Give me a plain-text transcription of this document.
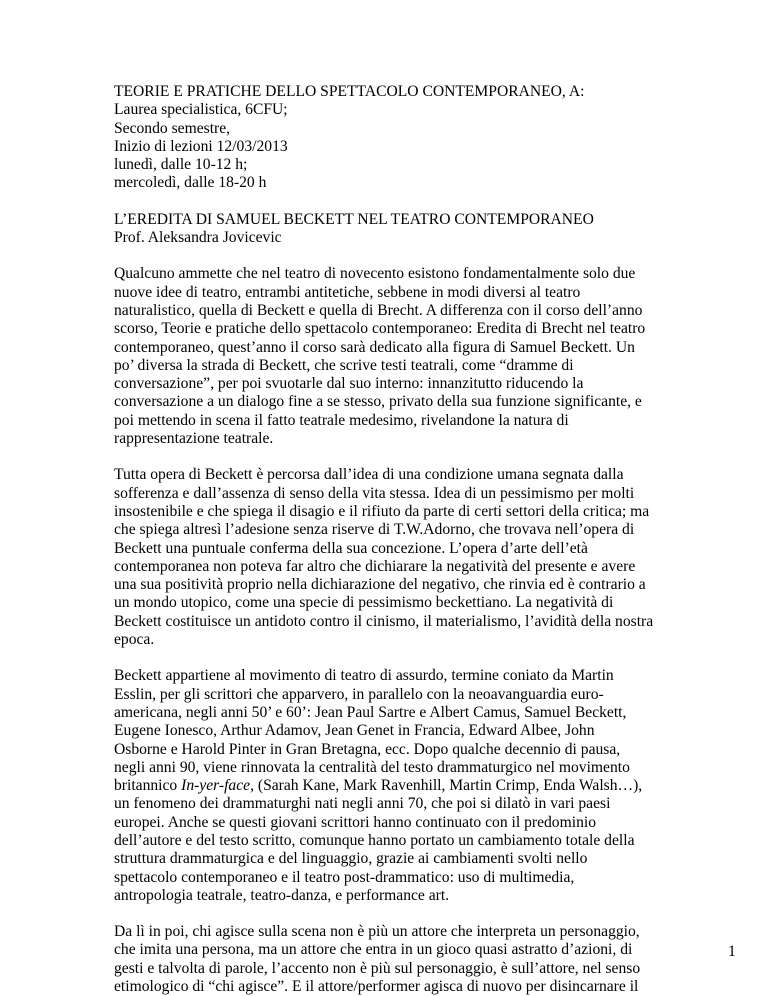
TEORIE E PRATICHE DELLO SPETTACOLO CONTEMPORANEO, A:
Laurea specialistica, 6CFU;
Secondo semestre,
Inizio di lezioni 12/03/2013
lunedì, dalle 10-12 h;
mercoledì, dalle 18-20 h
L’EREDITA DI SAMUEL BECKETT NEL TEATRO CONTEMPORANEO
Prof. Aleksandra Jovicevic

Qualcuno ammette che nel teatro di novecento esistono fondamentalmente solo due
nuove idee di teatro, entrambi antitetiche, sebbene in modi diversi al teatro
naturalistico, quella di Beckett e quella di Brecht. A differenza con il corso dell’anno
scorso, Teorie e pratiche dello spettacolo contemporaneo: Eredita di Brecht nel teatro
contemporaneo, quest’anno il corso sarà dedicato alla figura di Samuel Beckett. Un
po’ diversa la strada di Beckett, che scrive testi teatrali, come “dramme di
conversazione”, per poi svuotarle dal suo interno: innanzitutto riducendo la
conversazione a un dialogo fine a se stesso, privato della sua funzione significante, e
poi mettendo in scena il fatto teatrale medesimo, rivelandone la natura di
rappresentazione teatrale.

Tutta opera di Beckett è percorsa dall’idea di una condizione umana segnata dalla
sofferenza e dall’assenza di senso della vita stessa. Idea di un pessimismo per molti
insostenibile e che spiega il disagio e il rifiuto da parte di certi settori della critica; ma
che spiega altresì l’adesione senza riserve di T.W.Adorno, che trovava nell’opera di
Beckett una puntuale conferma della sua concezione. L’opera d’arte dell’età
contemporanea non poteva far altro che dichiarare la negatività del presente e avere
una sua positività proprio nella dichiarazione del negativo, che rinvia ed è contrario a
un mondo utopico, come una specie di pessimismo beckettiano. La negatività di
Beckett costituisce un antidoto contro il cinismo, il materialismo, l’avidità della nostra
epoca.

Beckett appartiene al movimento di teatro di assurdo, termine coniato da Martin
Esslin, per gli scrittori che apparvero, in parallelo con la neoavanguardia euro-
americana, negli anni 50’ e 60’: Jean Paul Sartre e Albert Camus, Samuel Beckett,
Eugene Ionesco, Arthur Adamov, Jean Genet in Francia, Edward Albee, John
Osborne e Harold Pinter in Gran Bretagna, ecc. Dopo qualche decennio di pausa,
negli anni 90, viene rinnovata la centralità del testo drammaturgico nel movimento
britannico In-yer-face, (Sarah Kane, Mark Ravenhill, Martin Crimp, Enda Walsh…),
un fenomeno dei drammaturghi nati negli anni 70, che poi si dilatò in vari paesi
europei. Anche se questi giovani scrittori hanno continuato con il predominio
dell’autore e del testo scritto, comunque hanno portato un cambiamento totale della
struttura drammaturgica e del linguaggio, grazie ai cambiamenti svolti nello
spettacolo contemporaneo e il teatro post-drammatico: uso di multimedia,
antropologia teatrale, teatro-danza, e performance art.

Da lì in poi, chi agisce sulla scena non è più un attore che interpreta un personaggio,
che imita una persona, ma un attore che entra in un gioco quasi astratto d’azioni, di
gesti e talvolta di parole, l’accento non è più sul personaggio, è sull’attore, nel senso
etimologico di “chi agisce”. E il attore/performer agisca di nuovo per disincarnare il

1
